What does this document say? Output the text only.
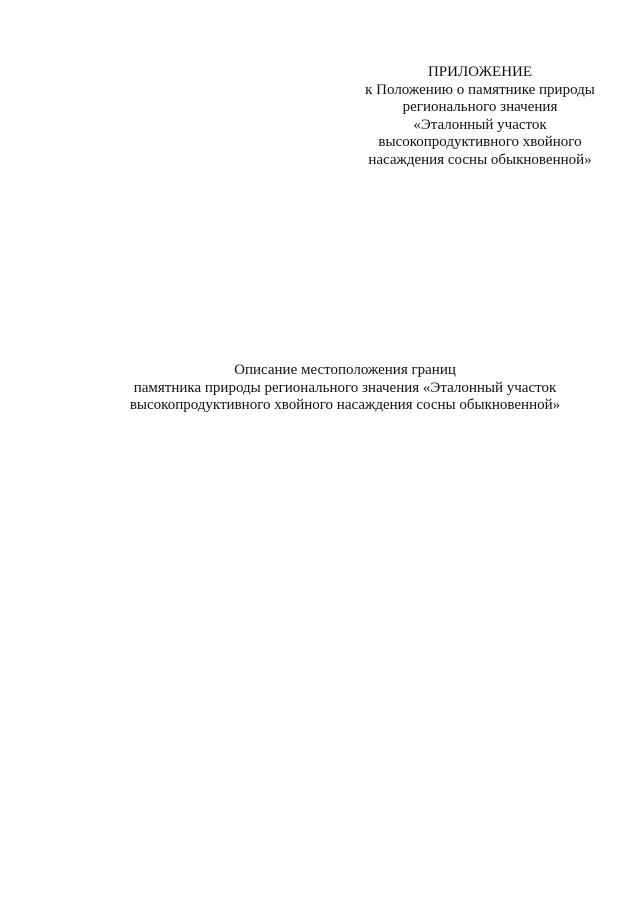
ПРИЛОЖЕНИЕ
к Положению о памятнике природы
регионального значения
«Эталонный участок
высокопродуктивного хвойного
насаждения сосны обыкновенной»
Описание местоположения границ
памятника природы регионального значения «Эталонный участок
высокопродуктивного хвойного насаждения сосны обыкновенной»
